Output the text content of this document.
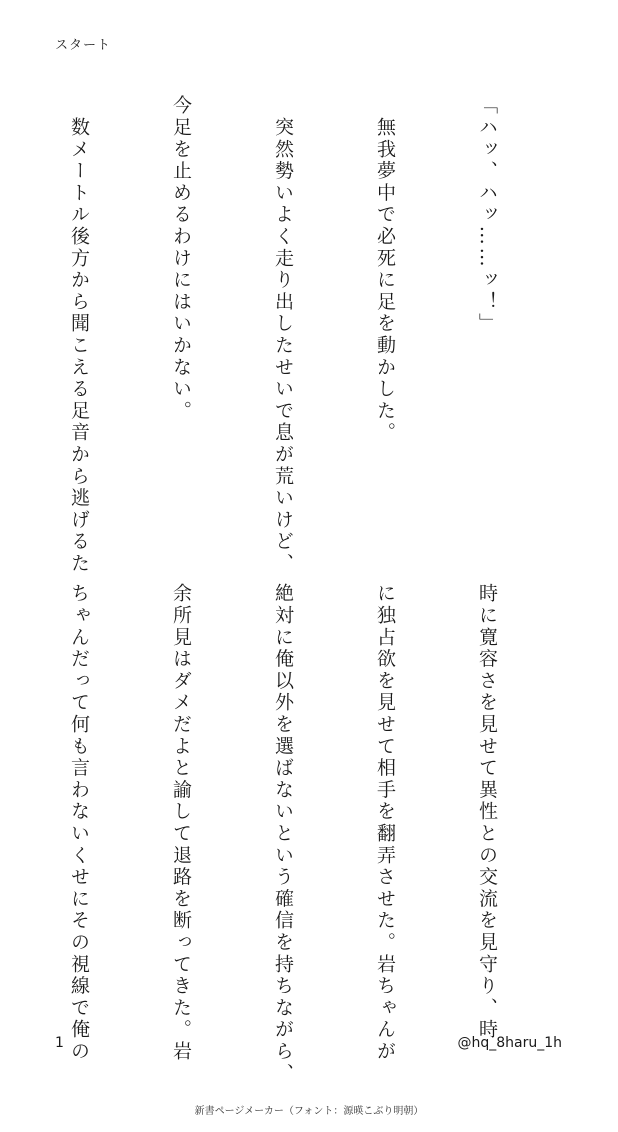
スタート

「ハッ、ハッ……ッ！」

　無我夢中で必死に足を動かした。

　突然勢いよく走り出したせいで息が荒いけど、

今足を止めるわけにはいかない。

　数メートル後方から聞こえる足音から逃げるた

時に寛容さを見せて異性との交流を見守り、時

に独占欲を見せて相手を翻弄させた。岩ちゃんが

絶対に俺以外を選ばないという確信を持ちながら、

余所見はダメだよと諭して退路を断ってきた。岩

ちゃんだって何も言わないくせにその視線で俺の

1	@hq_8haru_1h
新書ページメーカー（フォント：源暎こぶり明朝）
